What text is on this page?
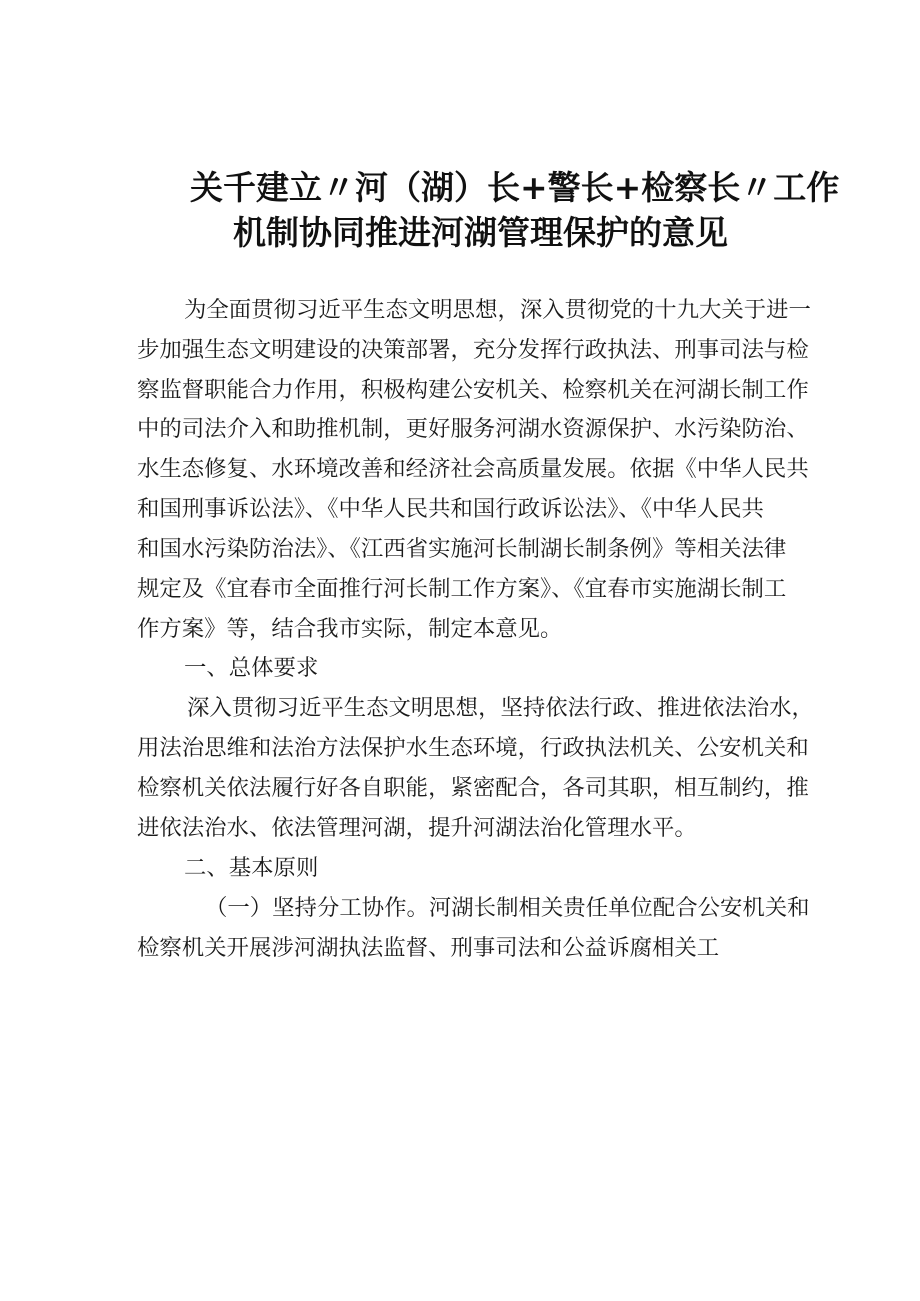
关千建立〃河（湖）长+警长+检察长〃工作
机制协同推进河湖管理保护的意见
为全面贯彻习近平生态文明思想，深入贯彻党的十九大关于进一
步加强生态文明建设的决策部署，充分发挥行政执法、刑事司法与检
察监督职能合力作用，积极构建公安机关、检察机关在河湖长制工作
中的司法介入和助推机制，更好服务河湖水资源保护、水污染防治、
水生态修复、水环境改善和经济社会高质量发展。依据《中华人民共
和国刑事诉讼法》、《中华人民共和国行政诉讼法》、《中华人民共
和国水污染防治法》、《江西省实施河长制湖长制条例》等相关法律
规定及《宜春市全面推行河长制工作方案》、《宜春市实施湖长制工
作方案》等，结合我市实际，制定本意见。
一、总体要求
深入贯彻习近平生态文明思想，坚持依法行政、推进依法治水，
用法治思维和法治方法保护水生态环境，行政执法机关、公安机关和
检察机关依法履行好各自职能，紧密配合，各司其职，相互制约，推
进依法治水、依法管理河湖，提升河湖法治化管理水平。
二、基本原则
（一）坚持分工协作。河湖长制相关贵任单位配合公安机关和
检察机关开展涉河湖执法监督、刑事司法和公益诉腐相关工
